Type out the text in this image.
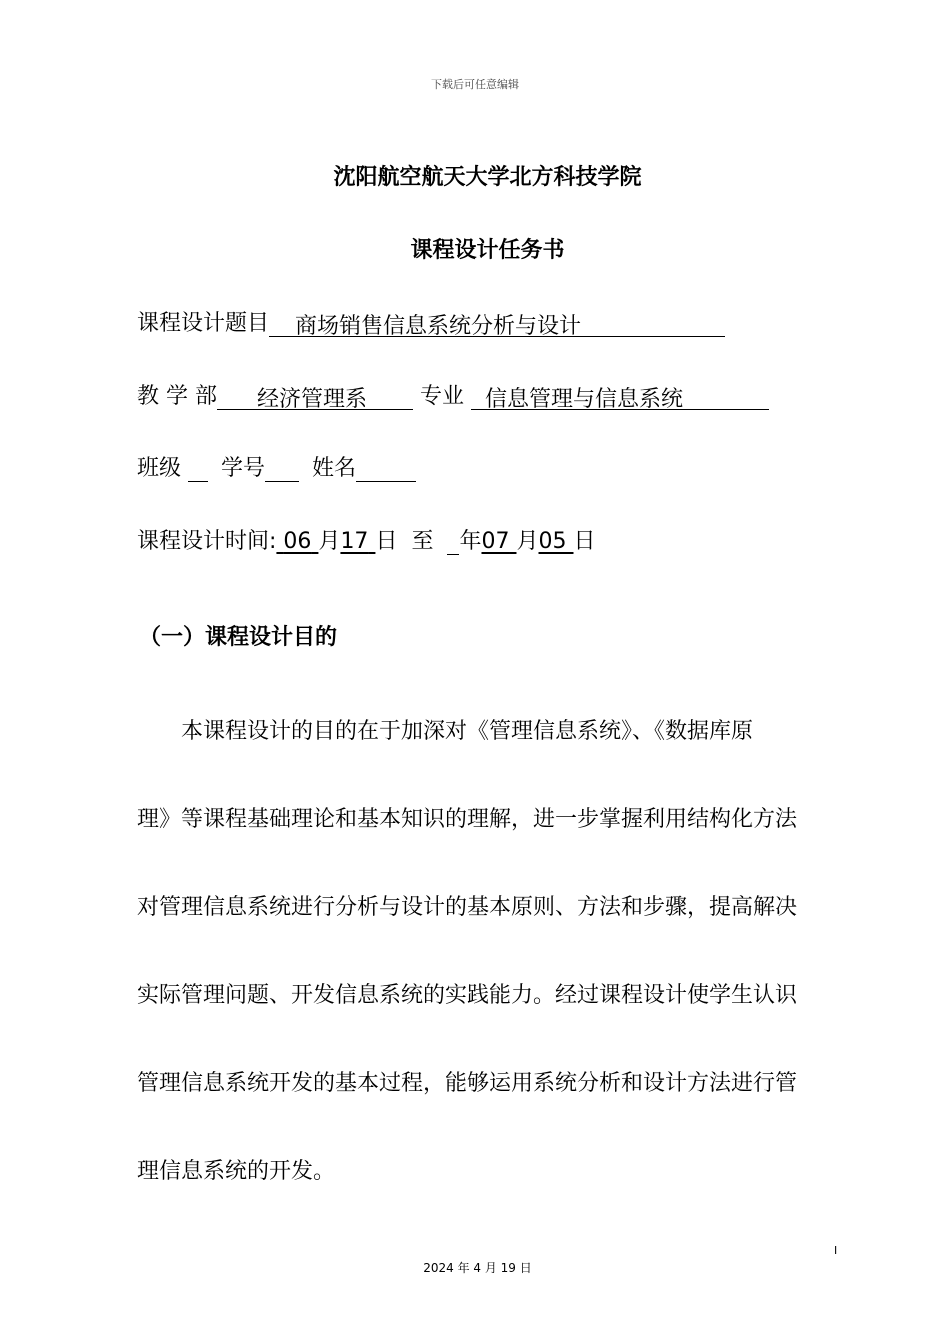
下载后可任意编辑
沈阳航空航天大学北方科技学院
课程设计任务书
课程设计题目 商场销售信息系统分析与设计
教 学 部 经济管理系 专业 信息管理与信息系统
班级 学号 姓名
课程设计时间: 06 月17 日 至 年07 月05 日
（一）课程设计目的
本课程设计的目的在于加深对《管理信息系统》、《数据库原
理》等课程基础理论和基本知识的理解，进一步掌握利用结构化方法
对管理信息系统进行分析与设计的基本原则、方法和步骤，提高解决
实际管理问题、开发信息系统的实践能力。经过课程设计使学生认识
管理信息系统开发的基本过程，能够运用系统分析和设计方法进行管
理信息系统的开发。
I
2024 年 4 月 19 日
